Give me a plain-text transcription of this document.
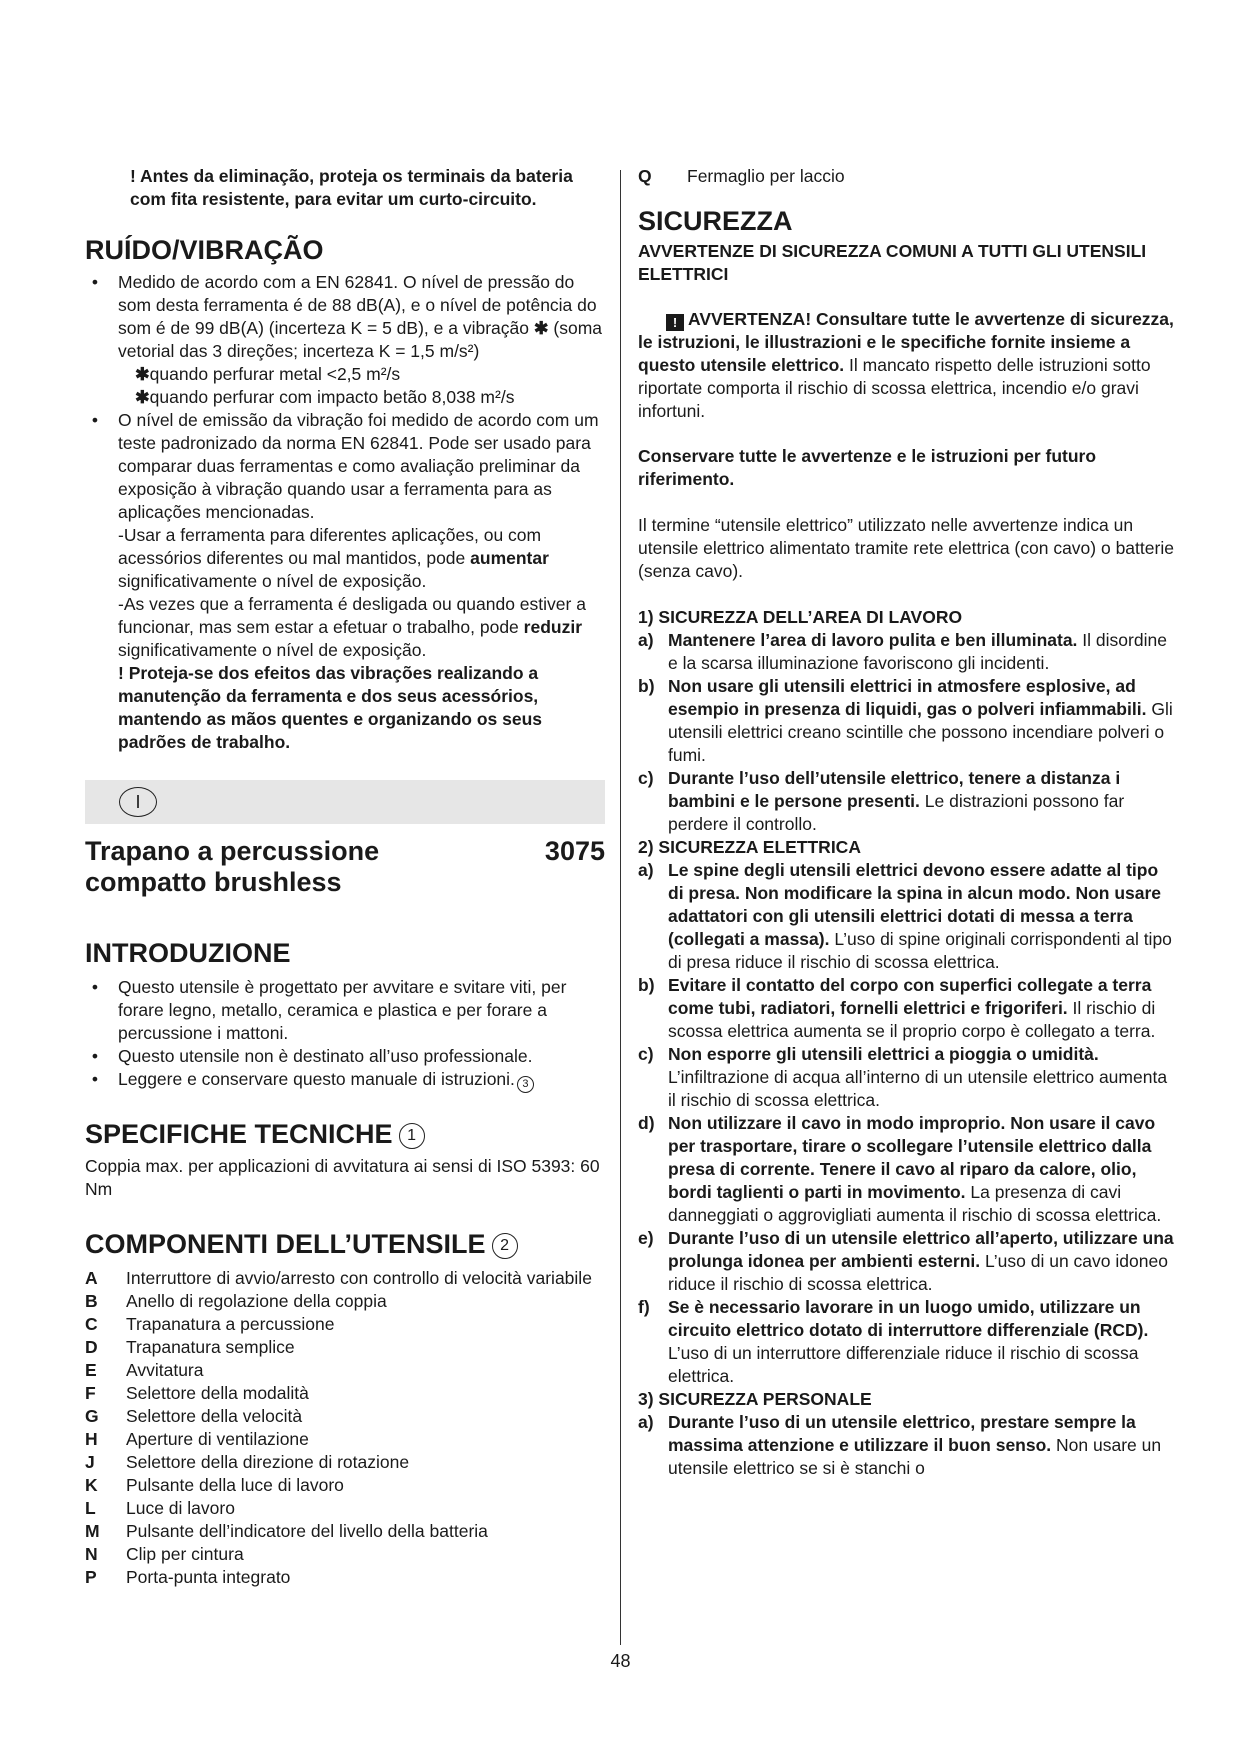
! Antes da eliminação, proteja os terminais da bateria com fita resistente, para evitar um curto-circuito.
RUÍDO/VIBRAÇÃO
•	Medido de acordo com a EN 62841. O nível de pressão do som desta ferramenta é de 88 dB(A), e o nível de potência do som é de 99 dB(A) (incerteza K = 5 dB), e a vibração ✱ (soma vetorial das 3 direções; incerteza K = 1,5 m/s²)
✱quando perfurar metal <2,5 m²/s
✱quando perfurar com impacto betão 8,038 m²/s
•	O nível de emissão da vibração foi medido de acordo com um teste padronizado da norma EN 62841. Pode ser usado para comparar duas ferramentas e como avaliação preliminar da exposição à vibração quando usar a ferramenta para as aplicações mencionadas.
-Usar a ferramenta para diferentes aplicações, ou com acessórios diferentes ou mal mantidos, pode aumentar significativamente o nível de exposição.
-As vezes que a ferramenta é desligada ou quando estiver a funcionar, mas sem estar a efetuar o trabalho, pode reduzir significativamente o nível de exposição.
! Proteja-se dos efeitos das vibrações realizando a manutenção da ferramenta e dos seus acessórios, mantendo as mãos quentes e organizando os seus padrões de trabalho.
I
Trapano a percussione compatto brushless
3075
INTRODUZIONE
•	Questo utensile è progettato per avvitare e svitare viti, per forare legno, metallo, ceramica e plastica e per forare a percussione i mattoni.
•	Questo utensile non è destinato all’uso professionale.
•	Leggere e conservare questo manuale di istruzioni. 3
SPECIFICHE TECNICHE 1
Coppia max. per applicazioni di avvitatura ai sensi di ISO 5393: 60 Nm
COMPONENTI DELL’UTENSILE 2
A	Interruttore di avvio/arresto con controllo di velocità variabile
B	Anello di regolazione della coppia
C	Trapanatura a percussione
D	Trapanatura semplice
E	Avvitatura
F	Selettore della modalità
G	Selettore della velocità
H	Aperture di ventilazione
J	Selettore della direzione di rotazione
K	Pulsante della luce di lavoro
L	Luce di lavoro
M	Pulsante dell’indicatore del livello della batteria
N	Clip per cintura
P	Porta-punta integrato
Q	Fermaglio per laccio
SICUREZZA
AVVERTENZE DI SICUREZZA COMUNI A TUTTI GLI UTENSILI ELETTRICI
! AVVERTENZA! Consultare tutte le avvertenze di sicurezza, le istruzioni, le illustrazioni e le specifiche fornite insieme a questo utensile elettrico. Il mancato rispetto delle istruzioni sotto riportate comporta il rischio di scossa elettrica, incendio e/o gravi infortuni.
Conservare tutte le avvertenze e le istruzioni per futuro riferimento.
Il termine “utensile elettrico” utilizzato nelle avvertenze indica un utensile elettrico alimentato tramite rete elettrica (con cavo) o batterie (senza cavo).
1) SICUREZZA DELL’AREA DI LAVORO
a) Mantenere l’area di lavoro pulita e ben illuminata. Il disordine e la scarsa illuminazione favoriscono gli incidenti.
b) Non usare gli utensili elettrici in atmosfere esplosive, ad esempio in presenza di liquidi, gas o polveri infiammabili. Gli utensili elettrici creano scintille che possono incendiare polveri o fumi.
c) Durante l’uso dell’utensile elettrico, tenere a distanza i bambini e le persone presenti. Le distrazioni possono far perdere il controllo.
2) SICUREZZA ELETTRICA
a) Le spine degli utensili elettrici devono essere adatte al tipo di presa. Non modificare la spina in alcun modo. Non usare adattatori con gli utensili elettrici dotati di messa a terra (collegati a massa). L’uso di spine originali corrispondenti al tipo di presa riduce il rischio di scossa elettrica.
b) Evitare il contatto del corpo con superfici collegate a terra come tubi, radiatori, fornelli elettrici e frigoriferi. Il rischio di scossa elettrica aumenta se il proprio corpo è collegato a terra.
c) Non esporre gli utensili elettrici a pioggia o umidità. L’infiltrazione di acqua all’interno di un utensile elettrico aumenta il rischio di scossa elettrica.
d) Non utilizzare il cavo in modo improprio. Non usare il cavo per trasportare, tirare o scollegare l’utensile elettrico dalla presa di corrente. Tenere il cavo al riparo da calore, olio, bordi taglienti o parti in movimento. La presenza di cavi danneggiati o aggrovigliati aumenta il rischio di scossa elettrica.
e) Durante l’uso di un utensile elettrico all’aperto, utilizzare una prolunga idonea per ambienti esterni. L’uso di un cavo idoneo riduce il rischio di scossa elettrica.
f) Se è necessario lavorare in un luogo umido, utilizzare un circuito elettrico dotato di interruttore differenziale (RCD). L’uso di un interruttore differenziale riduce il rischio di scossa elettrica.
3) SICUREZZA PERSONALE
a) Durante l’uso di un utensile elettrico, prestare sempre la massima attenzione e utilizzare il buon senso. Non usare un utensile elettrico se si è stanchi o
48
